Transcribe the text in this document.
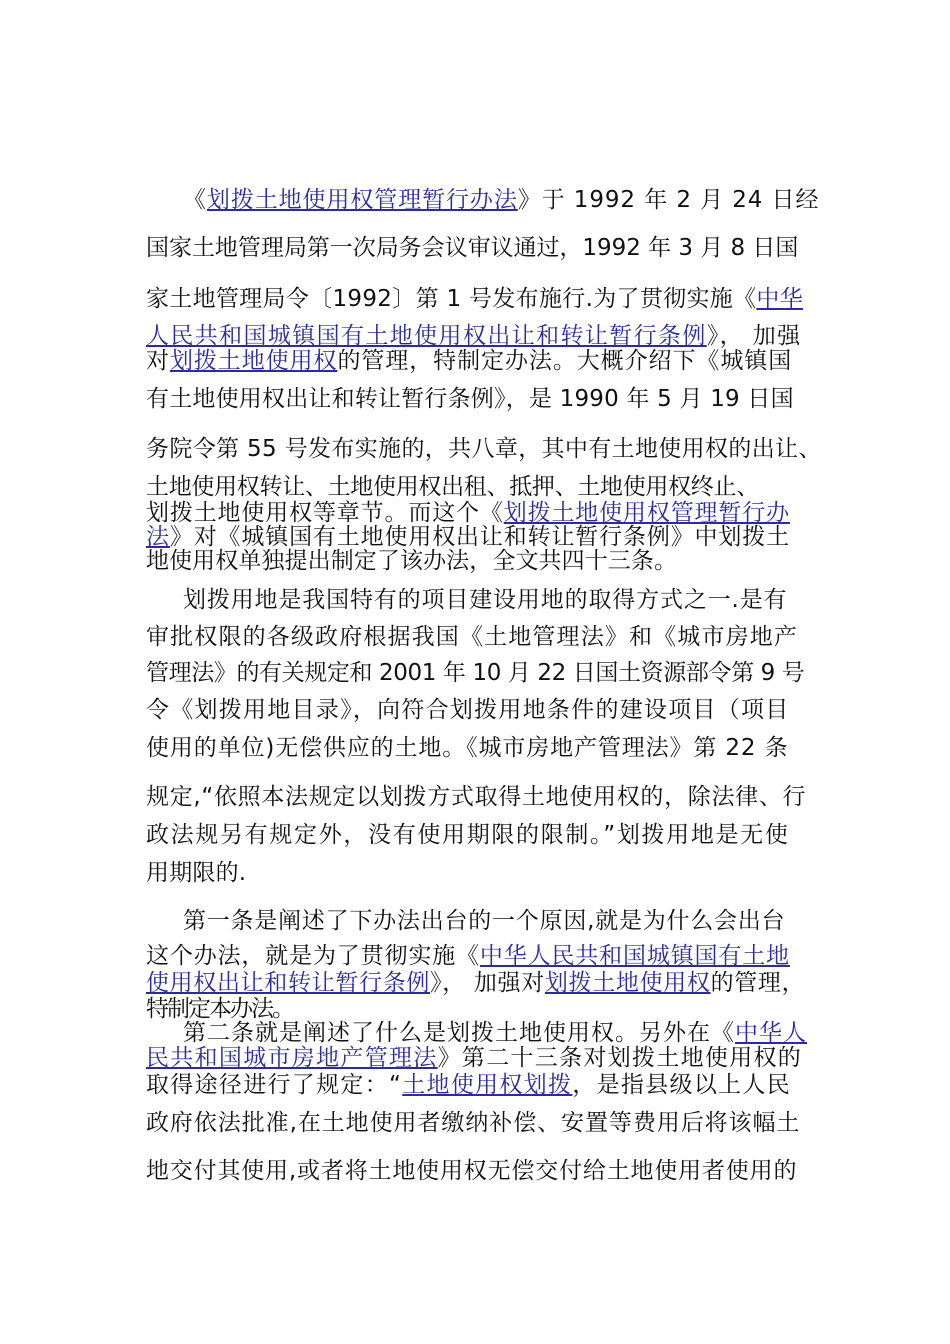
《划拨土地使用权管理暂行办法》于 1992 年 2 月 24 日经
国家土地管理局第一次局务会议审议通过，1992 年 3 月 8 日国
家土地管理局令〔1992〕第 1 号发布施行.为了贯彻实施《中华
人民共和国城镇国有土地使用权出让和转让暂行条例》， 加强
对划拨土地使用权的管理，特制定办法。大概介绍下《城镇国
有土地使用权出让和转让暂行条例》，是 1990 年 5 月 19 日国
务院令第 55 号发布实施的，共八章，其中有土地使用权的出让、
土地使用权转让、土地使用权出租、抵押、土地使用权终止、
划拨土地使用权等章节。而这个《划拨土地使用权管理暂行办
法》对《城镇国有土地使用权出让和转让暂行条例》中划拨土
地使用权单独提出制定了该办法，全文共四十三条。
划拨用地是我国特有的项目建设用地的取得方式之一.是有
审批权限的各级政府根据我国《土地管理法》和《城市房地产
管理法》的有关规定和 2001 年 10 月 22 日国土资源部令第 9 号
令《划拨用地目录》，向符合划拨用地条件的建设项目（项目
使用的单位)无偿供应的土地。《城市房地产管理法》第 22 条
规定,“依照本法规定以划拨方式取得土地使用权的，除法律、行
政法规另有规定外，没有使用期限的限制。”划拨用地是无使
用期限的.
第一条是阐述了下办法出台的一个原因,就是为什么会出台
这个办法，就是为了贯彻实施《中华人民共和国城镇国有土地
使用权出让和转让暂行条例》， 加强对划拨土地使用权的管理，
特制定本办法。
第二条就是阐述了什么是划拨土地使用权。另外在《中华人
民共和国城市房地产管理法》第二十三条对划拨土地使用权的
取得途径进行了规定：“土地使用权划拨，是指县级以上人民
政府依法批准,在土地使用者缴纳补偿、安置等费用后将该幅土
地交付其使用,或者将土地使用权无偿交付给土地使用者使用的
